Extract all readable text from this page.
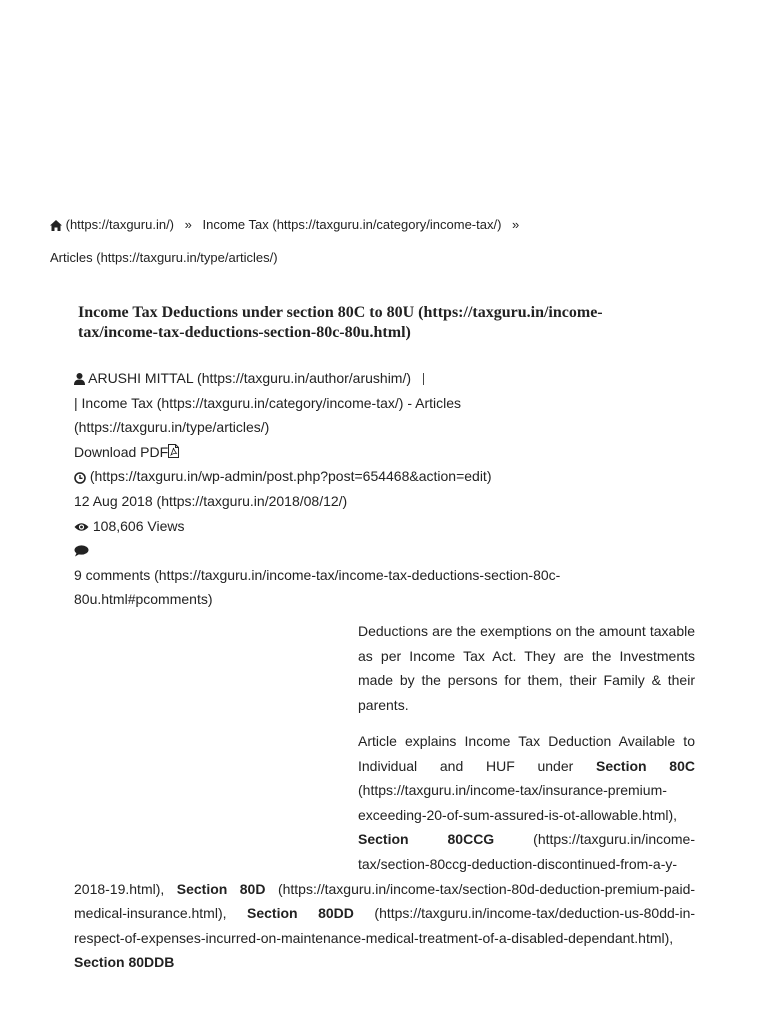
(https://taxguru.in/) » Income Tax (https://taxguru.in/category/income-tax/) »
Articles (https://taxguru.in/type/articles/)
Income Tax Deductions under section 80C to 80U (https://taxguru.in/income-tax/income-tax-deductions-section-80c-80u.html)
ARUSHI MITTAL (https://taxguru.in/author/arushim/)
| Income Tax (https://taxguru.in/category/income-tax/) - Articles
(https://taxguru.in/type/articles/)
Download PDF
(https://taxguru.in/wp-admin/post.php?post=654468&action=edit)
12 Aug 2018 (https://taxguru.in/2018/08/12/)
108,606 Views
9 comments (https://taxguru.in/income-tax/income-tax-deductions-section-80c-80u.html#pcomments)

Deductions are the exemptions on the amount taxable as per Income Tax Act. They are the Investments made by the persons for them, their Family & their parents.

Article explains Income Tax Deduction Available to Individual and HUF under Section 80C (https://taxguru.in/income-tax/insurance-premium-exceeding-20-of-sum-assured-is-ot-allowable.html), Section 80CCG	(https://taxguru.in/income-tax/section-80ccg-deduction-discontinued-from-a-y-2018-19.html), Section 80D (https://taxguru.in/income-tax/section-80d-deduction-premium-paid-medical-insurance.html), Section 80DD (https://taxguru.in/income-tax/deduction-us-80dd-in-respect-of-expenses-incurred-on-maintenance-medical-treatment-of-a-disabled-dependant.html), Section 80DDB
